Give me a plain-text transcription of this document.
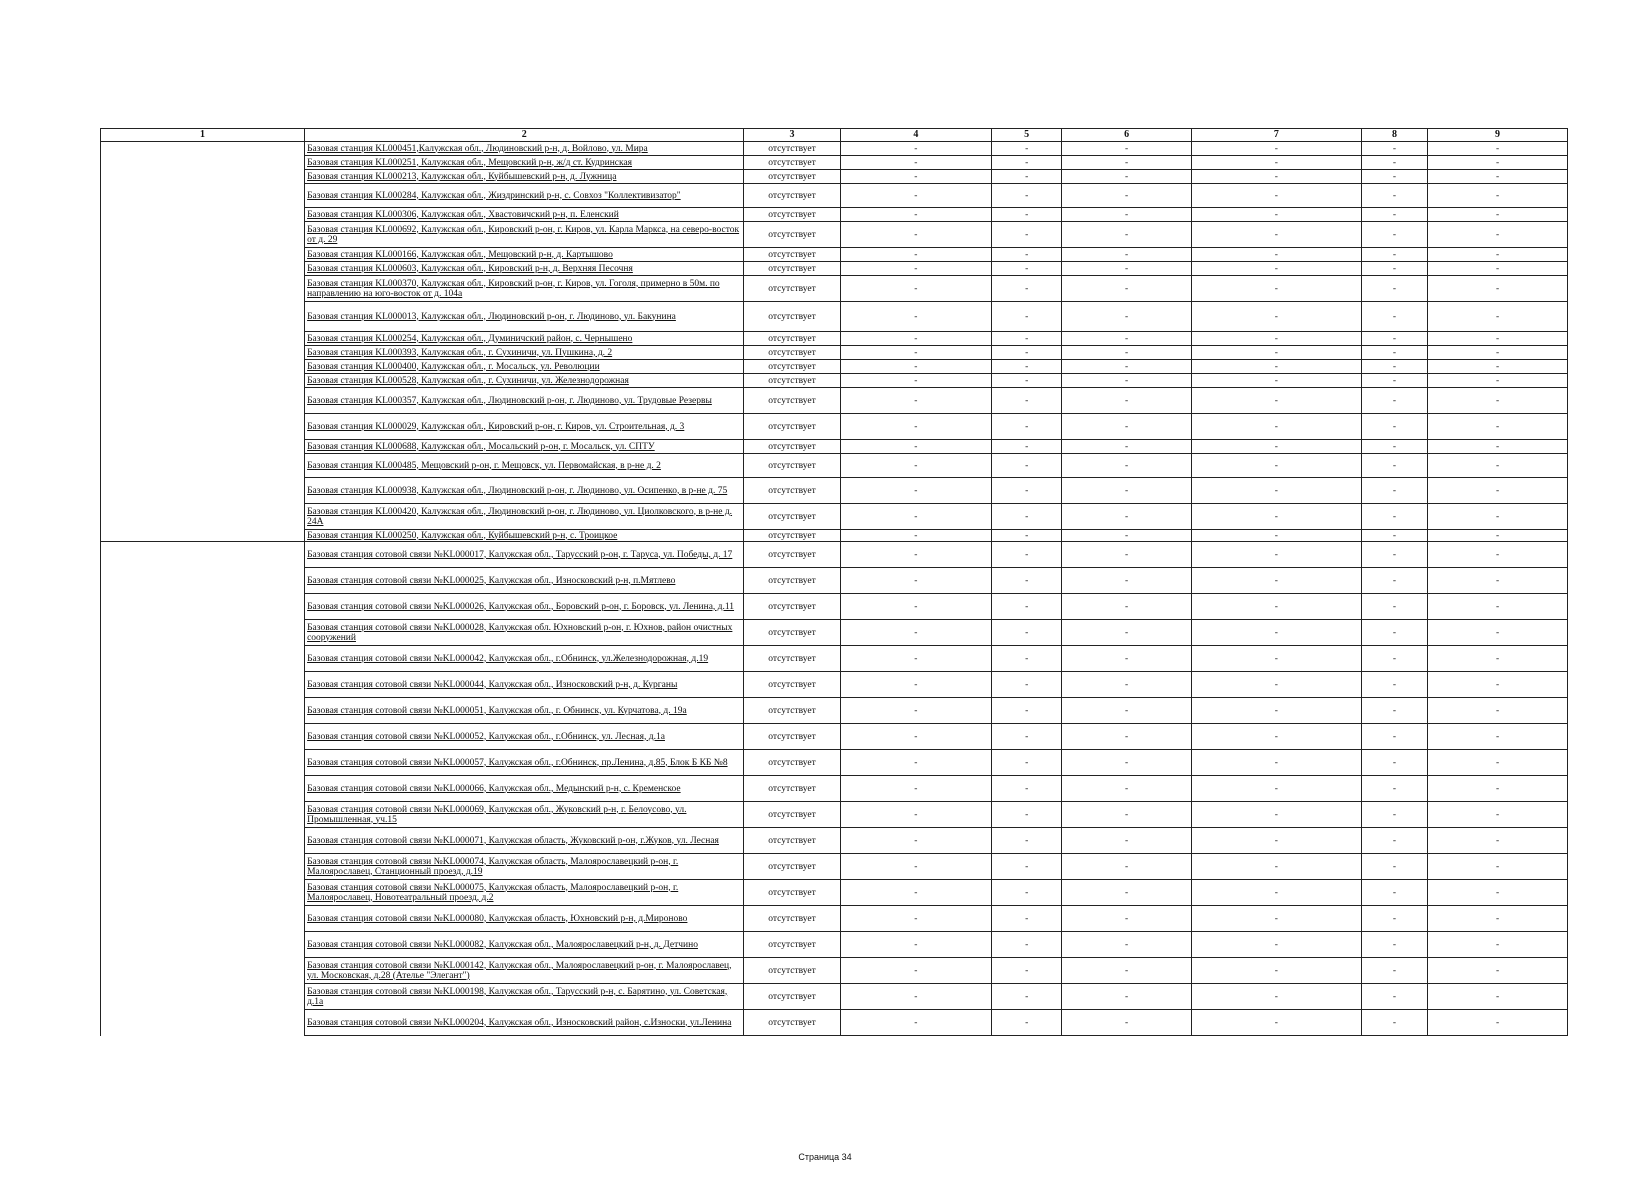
1	2	3	4	5	6	7	8	9
	Базовая станция KL000451,Калужская обл., Людиновский р-н, д. Войлово, ул. Мира	отсутствует	-	-	-	-	-	-
	Базовая станция KL000251, Калужская обл., Мещовский р-н, ж/д ст. Кудринская	отсутствует	-	-	-	-	-	-
	Базовая станция KL000213, Калужская обл., Куйбышевский р-н, д. Лужница	отсутствует	-	-	-	-	-	-
	Базовая станция KL000284, Калужская обл., Жиздринский р-н, с. Совхоз "Коллективизатор"	отсутствует	-	-	-	-	-	-
	Базовая станция KL000306, Калужская обл., Хвастовичский р-н, п. Еленский	отсутствует	-	-	-	-	-	-
	Базовая станция KL000692, Калужская обл., Кировский р-он, г. Киров, ул. Карла Маркса, на северо-восток от д. 29	отсутствует	-	-	-	-	-	-
	Базовая станция KL000166, Калужская обл., Мещовский р-н, д. Картышово	отсутствует	-	-	-	-	-	-
	Базовая станция KL000603, Калужская обл., Кировский р-н, д. Верхняя Песочня	отсутствует	-	-	-	-	-	-
	Базовая станция KL000370, Калужская обл., Кировский р-он, г. Киров, ул. Гоголя, примерно в 50м. по направлению на юго-восток от д. 104а	отсутствует	-	-	-	-	-	-
	Базовая станция KL000013, Калужская обл., Людиновский р-он, г. Людиново, ул. Бакунина	отсутствует	-	-	-	-	-	-
	Базовая станция KL000254, Калужская обл., Думиничский район, с. Чернышено	отсутствует	-	-	-	-	-	-
	Базовая станция KL000393, Калужская обл., г. Сухиничи, ул. Пушкина, д. 2	отсутствует	-	-	-	-	-	-
	Базовая станция KL000400, Калужская обл., г. Мосальск, ул. Революции	отсутствует	-	-	-	-	-	-
	Базовая станция KL000528, Калужская обл., г. Сухиничи, ул. Железнодорожная	отсутствует	-	-	-	-	-	-
	Базовая станция KL000357, Калужская обл., Людиновский р-он, г. Людиново, ул. Трудовые Резервы	отсутствует	-	-	-	-	-	-
	Базовая станция KL000029, Калужская обл., Кировский р-он, г. Киров, ул. Строительная, д. 3	отсутствует	-	-	-	-	-	-
	Базовая станция KL000688, Калужская обл., Мосальский р-он, г. Мосальск, ул. СПТУ	отсутствует	-	-	-	-	-	-
	Базовая станция KL000485, Мещовский р-он, г. Мещовск, ул. Первомайская, в р-не д. 2	отсутствует	-	-	-	-	-	-
	Базовая станция KL000938, Калужская обл., Людиновский р-он, г. Людиново, ул. Осипенко, в р-не д. 75	отсутствует	-	-	-	-	-	-
	Базовая станция KL000420, Калужская обл., Людиновский р-он, г. Людиново, ул. Циолковского, в р-не д. 24А	отсутствует	-	-	-	-	-	-
	Базовая станция KL000250, Калужская обл., Куйбышевский р-н, с. Троицкое	отсутствует	-	-	-	-	-	-
	Базовая станция сотовой связи №KL000017, Калужская обл., Тарусский р-он, г. Таруса, ул. Победы, д. 17	отсутствует	-	-	-	-	-	-
	Базовая станция сотовой связи №KL000025, Калужская обл., Износковский р-н, п.Мятлево	отсутствует	-	-	-	-	-	-
	Базовая станция сотовой связи №KL000026, Калужская обл., Боровский р-он, г. Боровск, ул. Ленина, д.11	отсутствует	-	-	-	-	-	-
	Базовая станция сотовой связи №KL000028, Калужская обл. Юхновский р-он, г. Юхнов, район очистных сооружений	отсутствует	-	-	-	-	-	-
	Базовая станция сотовой связи №KL000042, Калужская обл., г.Обнинск, ул.Железнодорожная, д.19	отсутствует	-	-	-	-	-	-
	Базовая станция сотовой связи №KL000044, Калужская обл., Износковский р-н, д. Курганы	отсутствует	-	-	-	-	-	-
	Базовая станция сотовой связи №KL000051, Калужская обл., г. Обнинск, ул. Курчатова, д. 19а	отсутствует	-	-	-	-	-	-
	Базовая станция сотовой связи №KL000052, Калужская обл., г.Обнинск, ул. Лесная, д.1а	отсутствует	-	-	-	-	-	-
	Базовая станция сотовой связи №KL000057, Калужская обл., г.Обнинск, пр.Ленина, д.85, Блок Б КБ №8	отсутствует	-	-	-	-	-	-
	Базовая станция сотовой связи №KL000066, Калужская обл., Медынский р-н, с. Кременское	отсутствует	-	-	-	-	-	-
	Базовая станция сотовой связи №KL000069, Калужская обл., Жуковский р-н, г. Белоусово, ул. Промышленная, уч.15	отсутствует	-	-	-	-	-	-
	Базовая станция сотовой связи №KL000071, Калужская область, Жуковский р-он, г.Жуков, ул. Лесная	отсутствует	-	-	-	-	-	-
	Базовая станция сотовой связи №KL000074, Калужская область, Малоярославецкий р-он, г. Малоярославец, Станционный проезд, д.19	отсутствует	-	-	-	-	-	-
	Базовая станция сотовой связи №KL000075, Калужская область, Малоярославецкий р-он, г. Малоярославец, Новотеатральный проезд, д.2	отсутствует	-	-	-	-	-	-
	Базовая станция сотовой связи №KL000080, Калужская область, Юхновский р-н, д.Мироново	отсутствует	-	-	-	-	-	-
	Базовая станция сотовой связи №KL000082, Калужская обл., Малоярославецкий р-н, д. Детчино	отсутствует	-	-	-	-	-	-
	Базовая станция сотовой связи №KL000142, Калужская обл., Малоярославецкий р-он, г. Малоярославец, ул. Московская, д.28 (Ателье "Элегант")	отсутствует	-	-	-	-	-	-
	Базовая станция сотовой связи №KL000198, Калужская обл., Тарусский р-н, с. Барятино, ул. Советская, д.1а	отсутствует	-	-	-	-	-	-
	Базовая станция сотовой связи №KL000204, Калужская обл., Износковский район, с.Износки, ул.Ленина	отсутствует	-	-	-	-	-	-
Страница 34
